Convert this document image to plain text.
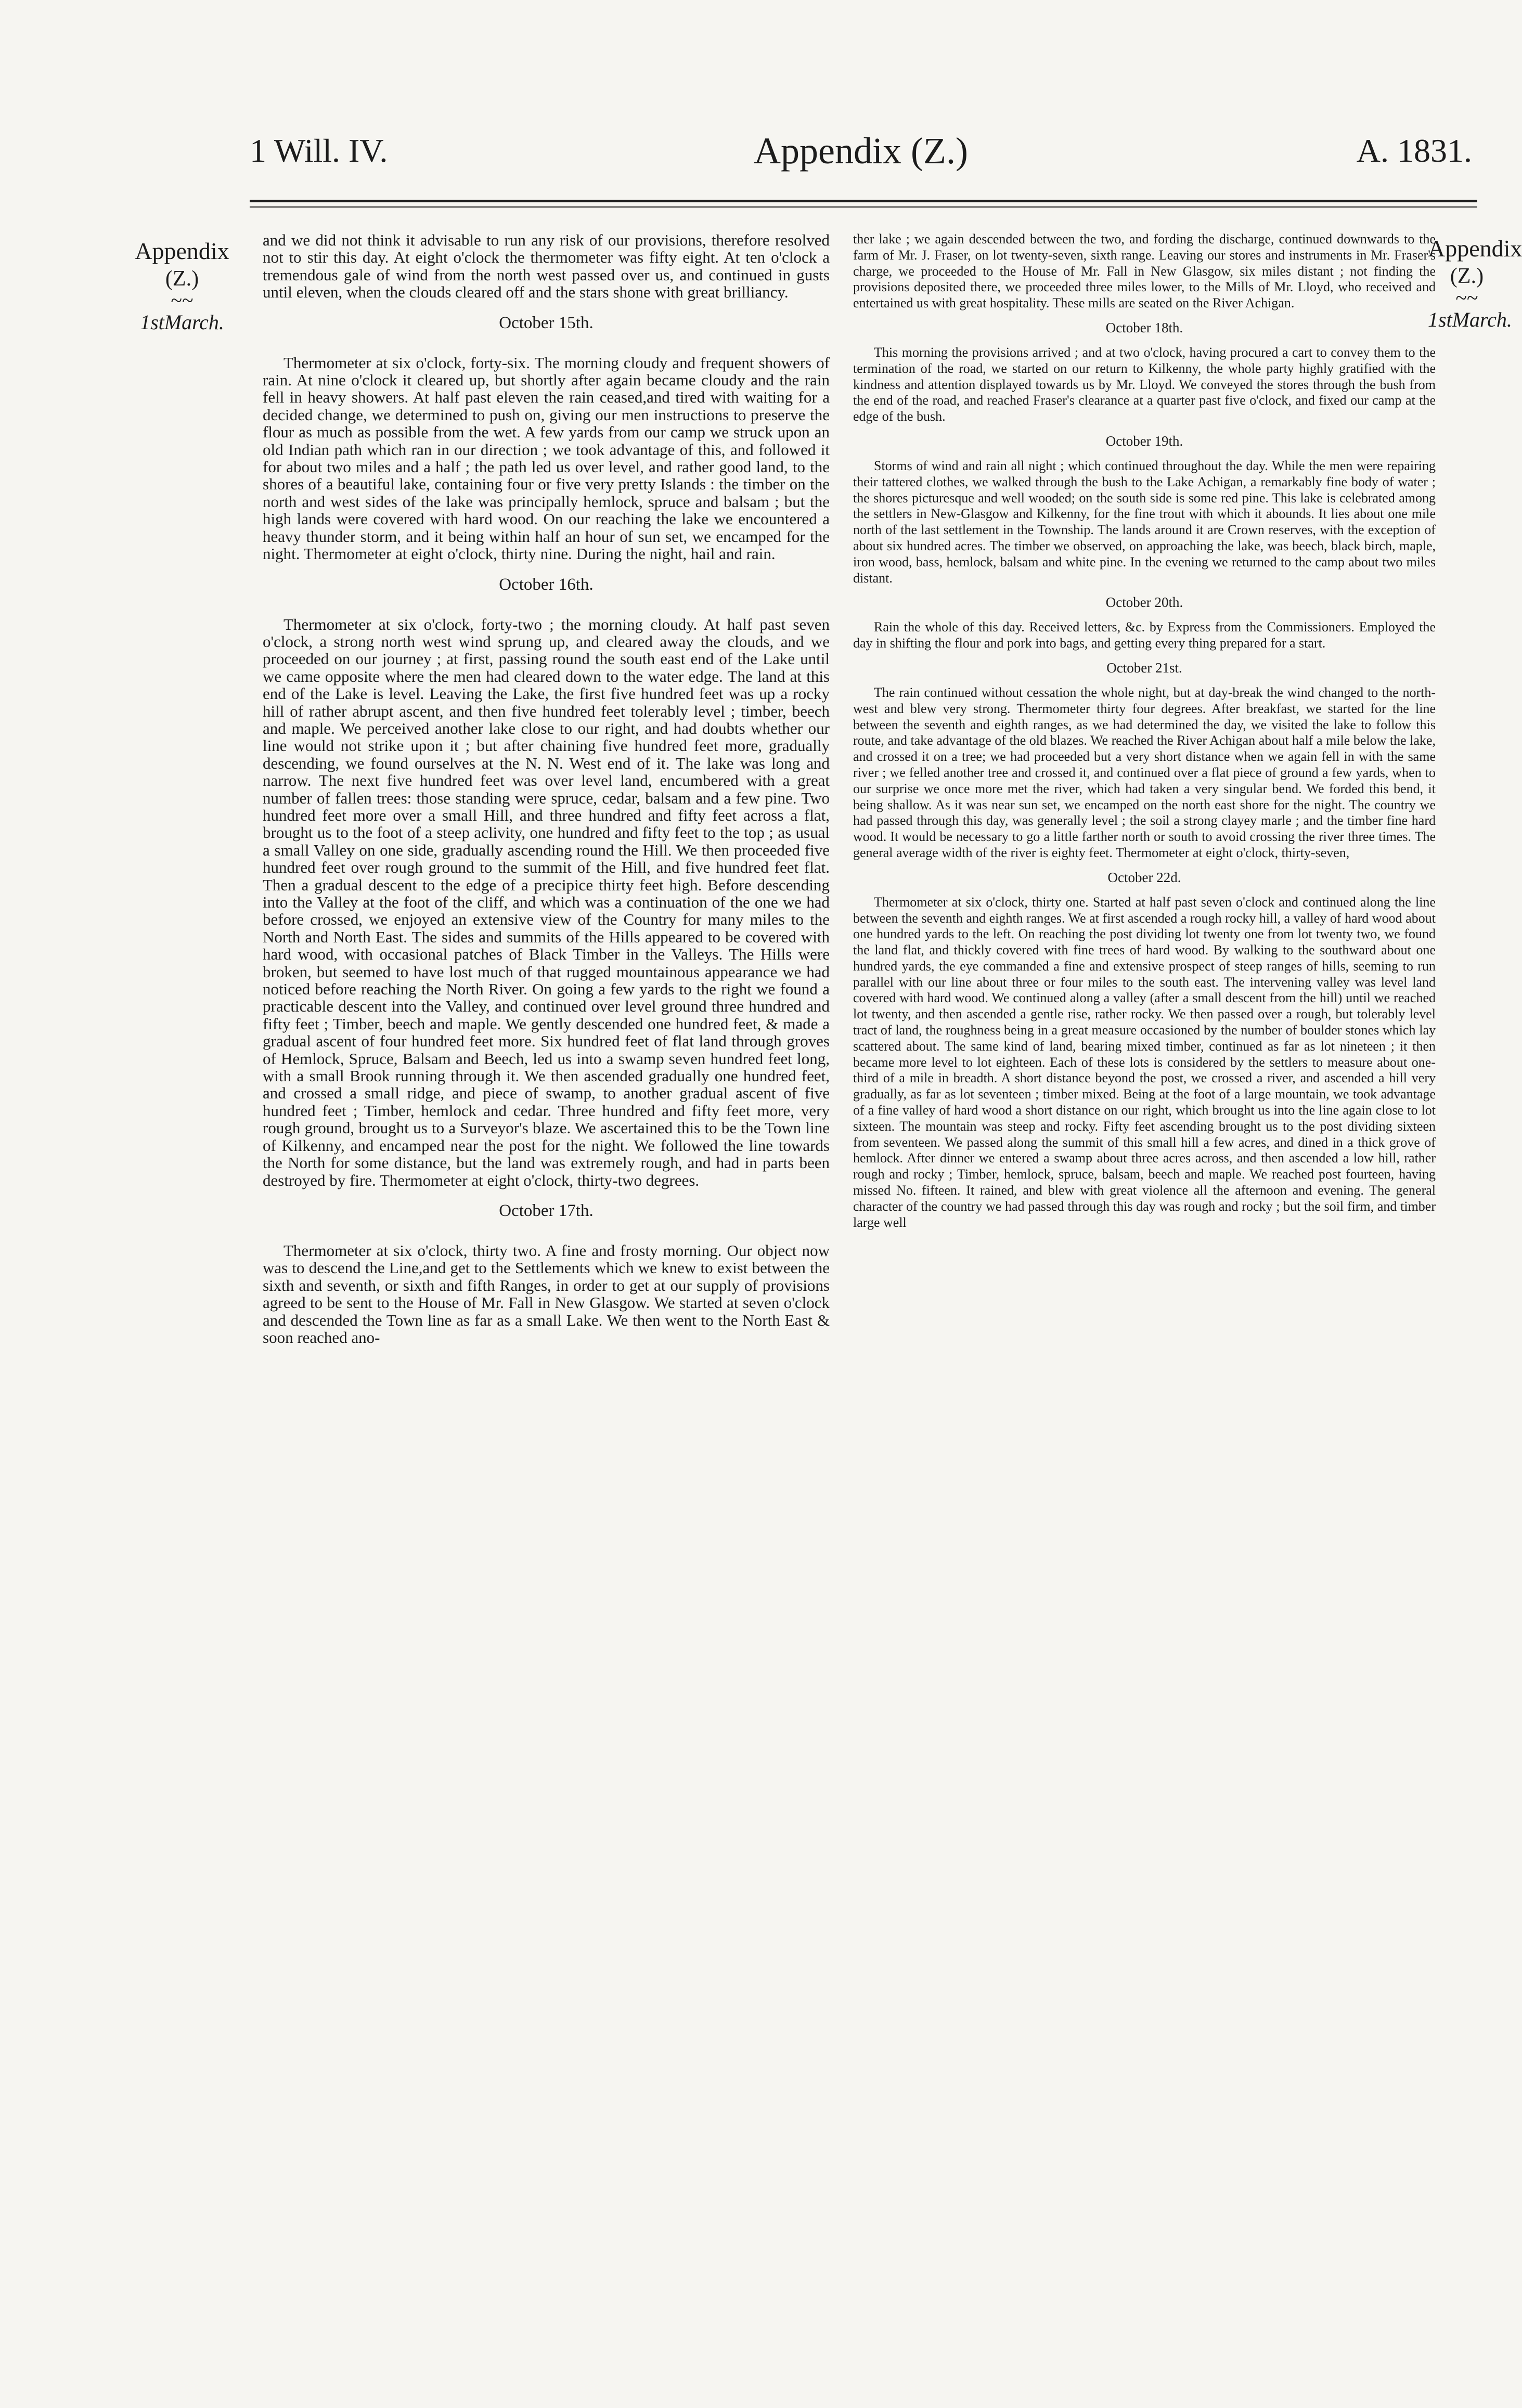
1 Will. IV.	Appendix (Z.)	A. 1831.
Appendix
(Z.)
~~
1stMarch.
Appendix
(Z.)
~~
1stMarch.

and we did not think it advisable to run any risk of our provisions, therefore resolved not to stir this day. At eight o'clock the thermometer was fifty eight. At ten o'clock a tremendous gale of wind from the north west passed over us, and continued in gusts until eleven, when the clouds cleared off and the stars shone with great brilliancy.

October 15th.

Thermometer at six o'clock, forty-six. The morning cloudy and frequent showers of rain. At nine o'clock it cleared up, but shortly after again became cloudy and the rain fell in heavy showers. At half past eleven the rain ceased,and tired with waiting for a decided change, we determined to push on, giving our men instructions to preserve the flour as much as possible from the wet. A few yards from our camp we struck upon an old Indian path which ran in our direction ; we took advantage of this, and followed it for about two miles and a half ; the path led us over level, and rather good land, to the shores of a beautiful lake, containing four or five very pretty Islands : the timber on the north and west sides of the lake was principally hemlock, spruce and balsam ; but the high lands were covered with hard wood. On our reaching the lake we encountered a heavy thunder storm, and it being within half an hour of sun set, we encamped for the night. Thermometer at eight o'clock, thirty nine. During the night, hail and rain.

October 16th.

Thermometer at six o'clock, forty-two ; the morning cloudy. At half past seven o'clock, a strong north west wind sprung up, and cleared away the clouds, and we proceeded on our journey ; at first, passing round the south east end of the Lake until we came opposite where the men had cleared down to the water edge. The land at this end of the Lake is level. Leaving the Lake, the first five hundred feet was up a rocky hill of rather abrupt ascent, and then five hundred feet tolerably level ; timber, beech and maple. We perceived another lake close to our right, and had doubts whether our line would not strike upon it ; but after chaining five hundred feet more, gradually descending, we found ourselves at the N. N. West end of it. The lake was long and narrow. The next five hundred feet was over level land, encumbered with a great number of fallen trees: those standing were spruce, cedar, balsam and a few pine. Two hundred feet more over a small Hill, and three hundred and fifty feet across a flat, brought us to the foot of a steep aclivity, one hundred and fifty feet to the top ; as usual a small Valley on one side, gradually ascending round the Hill. We then proceeded five hundred feet over rough ground to the summit of the Hill, and five hundred feet flat. Then a gradual descent to the edge of a precipice thirty feet high. Before descending into the Valley at the foot of the cliff, and which was a continuation of the one we had before crossed, we enjoyed an extensive view of the Country for many miles to the North and North East. The sides and summits of the Hills appeared to be covered with hard wood, with occasional patches of Black Timber in the Valleys. The Hills were broken, but seemed to have lost much of that rugged mountainous appearance we had noticed before reaching the North River. On going a few yards to the right we found a practicable descent into the Valley, and continued over level ground three hundred and fifty feet ; Timber, beech and maple. We gently descended one hundred feet, & made a gradual ascent of four hundred feet more. Six hundred feet of flat land through groves of Hemlock, Spruce, Balsam and Beech, led us into a swamp seven hundred feet long, with a small Brook running through it. We then ascended gradually one hundred feet, and crossed a small ridge, and piece of swamp, to another gradual ascent of five hundred feet ; Timber, hemlock and cedar. Three hundred and fifty feet more, very rough ground, brought us to a Surveyor's blaze. We ascertained this to be the Town line of Kilkenny, and encamped near the post for the night. We followed the line towards the North for some distance, but the land was extremely rough, and had in parts been destroyed by fire. Thermometer at eight o'clock, thirty-two degrees.

October 17th.

Thermometer at six o'clock, thirty two. A fine and frosty morning. Our object now was to descend the Line,and get to the Settlements which we knew to exist between the sixth and seventh, or sixth and fifth Ranges, in order to get at our supply of provisions agreed to be sent to the House of Mr. Fall in New Glasgow. We started at seven o'clock and descended the Town line as far as a small Lake. We then went to the North East & soon reached ano-

ther lake ; we again descended between the two, and fording the discharge, continued downwards to the farm of Mr. J. Fraser, on lot twenty-seven, sixth range. Leaving our stores and instruments in Mr. Fraser's charge, we proceeded to the House of Mr. Fall in New Glasgow, six miles distant ; not finding the provisions deposited there, we proceeded three miles lower, to the Mills of Mr. Lloyd, who received and entertained us with great hospitality. These mills are seated on the River Achigan.

October 18th.

This morning the provisions arrived ; and at two o'clock, having procured a cart to convey them to the termination of the road, we started on our return to Kilkenny, the whole party highly gratified with the kindness and attention displayed towards us by Mr. Lloyd. We conveyed the stores through the bush from the end of the road, and reached Fraser's clearance at a quarter past five o'clock, and fixed our camp at the edge of the bush.

October 19th.

Storms of wind and rain all night ; which continued throughout the day. While the men were repairing their tattered clothes, we walked through the bush to the Lake Achigan, a remarkably fine body of water ; the shores picturesque and well wooded; on the south side is some red pine. This lake is celebrated among the settlers in New-Glasgow and Kilkenny, for the fine trout with which it abounds. It lies about one mile north of the last settlement in the Township. The lands around it are Crown reserves, with the exception of about six hundred acres. The timber we observed, on approaching the lake, was beech, black birch, maple, iron wood, bass, hemlock, balsam and white pine. In the evening we returned to the camp about two miles distant.

October 20th.

Rain the whole of this day. Received letters, &c. by Express from the Commissioners. Employed the day in shifting the flour and pork into bags, and getting every thing prepared for a start.

October 21st.

The rain continued without cessation the whole night, but at day-break the wind changed to the north-west and blew very strong. Thermometer thirty four degrees. After breakfast, we started for the line between the seventh and eighth ranges, as we had determined the day, we visited the lake to follow this route, and take advantage of the old blazes. We reached the River Achigan about half a mile below the lake, and crossed it on a tree; we had proceeded but a very short distance when we again fell in with the same river ; we felled another tree and crossed it, and continued over a flat piece of ground a few yards, when to our surprise we once more met the river, which had taken a very singular bend. We forded this bend, it being shallow. As it was near sun set, we encamped on the north east shore for the night. The country we had passed through this day, was generally level ; the soil a strong clayey marle ; and the timber fine hard wood. It would be necessary to go a little farther north or south to avoid crossing the river three times. The general average width of the river is eighty feet. Thermometer at eight o'clock, thirty-seven,

October 22d.

Thermometer at six o'clock, thirty one. Started at half past seven o'clock and continued along the line between the seventh and eighth ranges. We at first ascended a rough rocky hill, a valley of hard wood about one hundred yards to the left. On reaching the post dividing lot twenty one from lot twenty two, we found the land flat, and thickly covered with fine trees of hard wood. By walking to the southward about one hundred yards, the eye commanded a fine and extensive prospect of steep ranges of hills, seeming to run parallel with our line about three or four miles to the south east. The intervening valley was level land covered with hard wood. We continued along a valley (after a small descent from the hill) until we reached lot twenty, and then ascended a gentle rise, rather rocky. We then passed over a rough, but tolerably level tract of land, the roughness being in a great measure occasioned by the number of boulder stones which lay scattered about. The same kind of land, bearing mixed timber, continued as far as lot nineteen ; it then became more level to lot eighteen. Each of these lots is considered by the settlers to measure about one-third of a mile in breadth. A short distance beyond the post, we crossed a river, and ascended a hill very gradually, as far as lot seventeen ; timber mixed. Being at the foot of a large mountain, we took advantage of a fine valley of hard wood a short distance on our right, which brought us into the line again close to lot sixteen. The mountain was steep and rocky. Fifty feet ascending brought us to the post dividing sixteen from seventeen. We passed along the summit of this small hill a few acres, and dined in a thick grove of hemlock. After dinner we entered a swamp about three acres across, and then ascended a low hill, rather rough and rocky ; Timber, hemlock, spruce, balsam, beech and maple. We reached post fourteen, having missed No. fifteen. It rained, and blew with great violence all the afternoon and evening. The general character of the country we had passed through this day was rough and rocky ; but the soil firm, and timber large well
